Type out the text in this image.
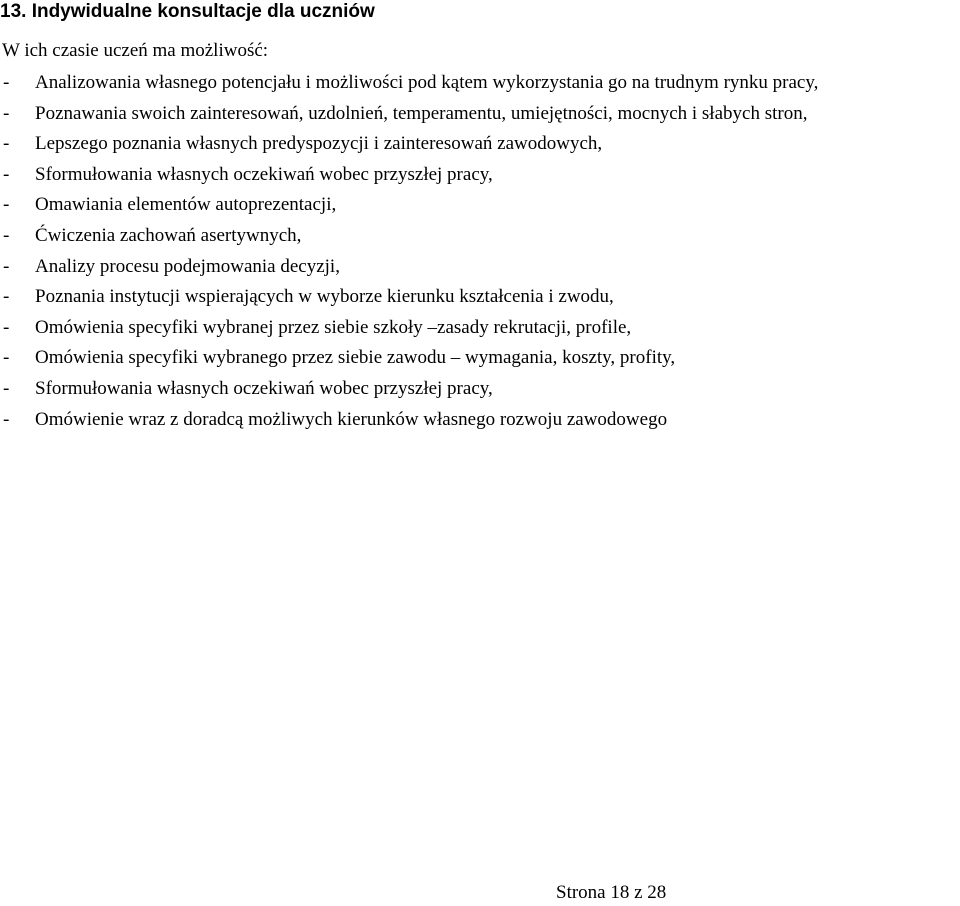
13. Indywidualne konsultacje dla uczniów

W ich czasie uczeń ma możliwość:

- Analizowania własnego potencjału i możliwości pod kątem wykorzystania go na trudnym rynku pracy,
- Poznawania swoich zainteresowań, uzdolnień, temperamentu, umiejętności, mocnych i słabych stron,
- Lepszego poznania własnych predyspozycji i zainteresowań zawodowych,
- Sformułowania własnych oczekiwań wobec przyszłej pracy,
- Omawiania elementów autoprezentacji,
- Ćwiczenia zachowań asertywnych,
- Analizy procesu podejmowania decyzji,
- Poznania instytucji wspierających w wyborze kierunku kształcenia i zwodu,
- Omówienia specyfiki wybranej przez siebie szkoły –zasady rekrutacji, profile,
- Omówienia specyfiki wybranego przez siebie zawodu – wymagania, koszty, profity,
- Sformułowania własnych oczekiwań wobec przyszłej pracy,
- Omówienie wraz z doradcą możliwych kierunków własnego rozwoju zawodowego

Strona 18 z 28
